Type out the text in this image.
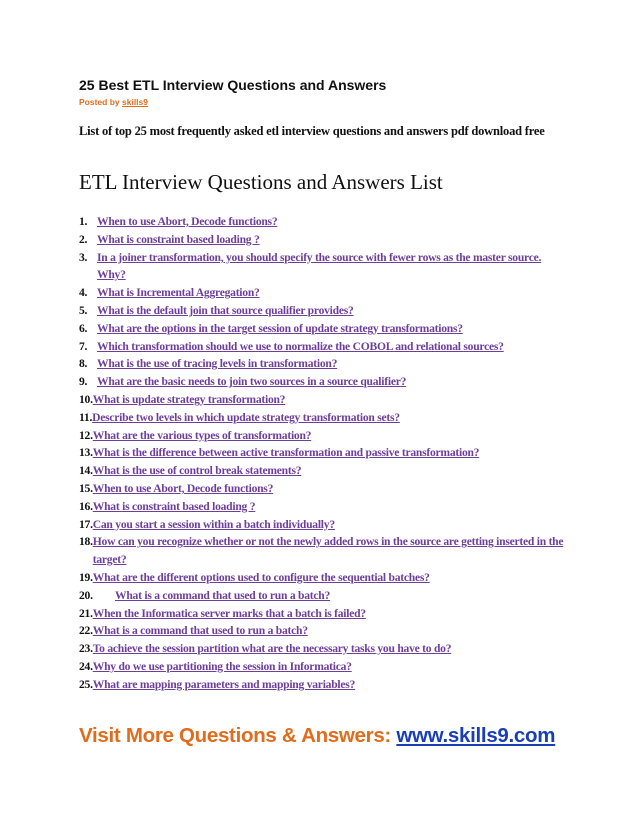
25 Best ETL Interview Questions and Answers
Posted by skills9
List of top 25 most frequently asked etl interview questions and answers pdf download free
ETL Interview Questions and Answers List
1. When to use Abort, Decode functions?
2. What is constraint based loading ?
3. In a joiner transformation, you should specify the source with fewer rows as the master source. Why?
4. What is Incremental Aggregation?
5. What is the default join that source qualifier provides?
6. What are the options in the target session of update strategy transformations?
7. Which transformation should we use to normalize the COBOL and relational sources?
8. What is the use of tracing levels in transformation?
9. What are the basic needs to join two sources in a source qualifier?
10. What is update strategy transformation?
11. Describe two levels in which update strategy transformation sets?
12. What are the various types of transformation?
13. What is the difference between active transformation and passive transformation?
14. What is the use of control break statements?
15. When to use Abort, Decode functions?
16. What is constraint based loading ?
17. Can you start a session within a batch individually?
18. How can you recognize whether or not the newly added rows in the source are getting inserted in the target?
19. What are the different options used to configure the sequential batches?
20.	What is a command that used to run a batch?
21. When the Informatica server marks that a batch is failed?
22. What is a command that used to run a batch?
23. To achieve the session partition what are the necessary tasks you have to do?
24. Why do we use partitioning the session in Informatica?
25. What are mapping parameters and mapping variables?
Visit More Questions & Answers: www.skills9.com
